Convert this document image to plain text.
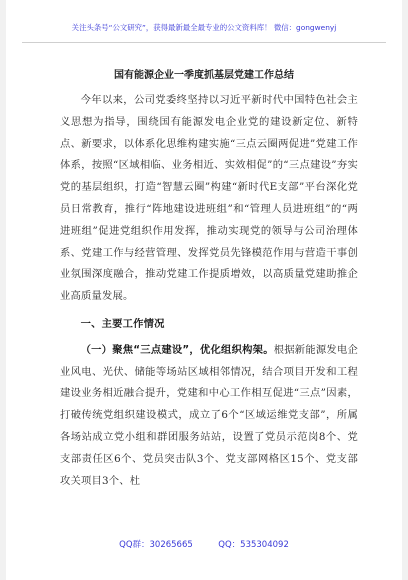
关注头条号“公文研究”，获得最新最全最专业的公文资料库！ 微信：gongwenyj
国有能源企业一季度抓基层党建工作总结

今年以来，公司党委终坚持以习近平新时代中国特色社会主义思想为指导，围绕国有能源发电企业党的建设新定位、新特点、新要求，以体系化思维构建实施“三点云圈两促进”党建工作体系，按照“区域相临、业务相近、实效相促”的“三点建设”夯实党的基层组织，打造“智慧云圈”构建“新时代E支部”平台深化党员日常教育，推行“阵地建设进班组”和“管理人员进班组”的“两进班组”促进党组织作用发挥，推动实现党的领导与公司治理体系、党建工作与经营管理、发挥党员先锋模范作用与营造干事创业氛围深度融合，推动党建工作提质增效，以高质量党建助推企业高质量发展。

一、主要工作情况

（一）聚焦“三点建设”，优化组织构架。根据新能源发电企业风电、光伏、储能等场站区域相邻情况，结合项目开发和工程建设业务相近融合提升，党建和中心工作相互促进“三点”因素，打破传统党组织建设模式，成立了6个“区域运维党支部”，所属各场站成立党小组和群团服务站站，设置了党员示范岗8个、党支部责任区6个、党员突击队3个、党支部网格区15个、党支部攻关项目3个、杜

QQ群：30265665   	QQ：535304092
